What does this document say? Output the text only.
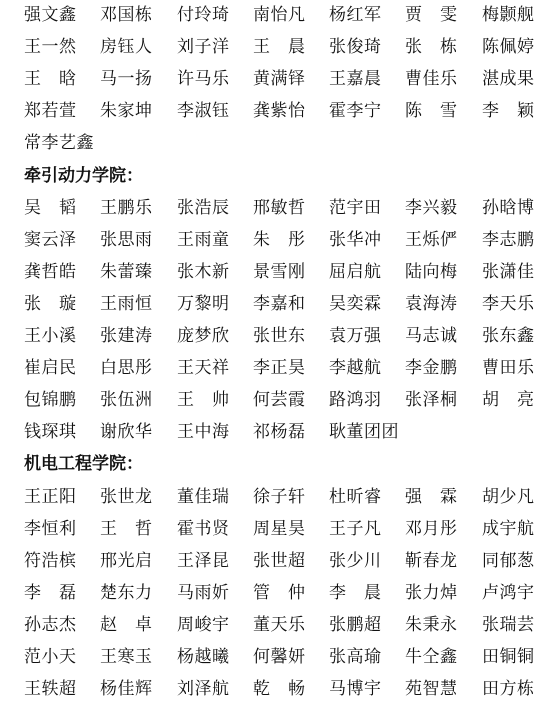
强文鑫 邓国栋 付玲琦 南怡凡 杨红军 贾　雯 梅颢舰
王一然 房钰人 刘子洋 王　晨 张俊琦 张　栋 陈佩婷
王　晗 马一扬 许马乐 黄满铎 王嘉晨 曹佳乐 湛成果
郑若萱 朱家坤 李淑钰 龚紫怡 霍李宁 陈　雪 李　颖
常李艺鑫
牵引动力学院：
吴　韬 王鹏乐 张浩辰 邢敏哲 范宇田 李兴毅 孙晗博
窦云泽 张思雨 王雨童 朱　彤 张华冲 王烁俨 李志鹏
龚哲皓 朱蕾臻 张木新 景雪刚 屈启航 陆向梅 张潇佳
张　璇 王雨恒 万黎明 李嘉和 吴奕霖 袁海涛 李天乐
王小溪 张建涛 庞梦欣 张世东 袁万强 马志诚 张东鑫
崔启民 白思彤 王天祥 李正昊 李越航 李金鹏 曹田乐
包锦鹏 张伍洲 王　帅 何芸霞 路鸿羽 张泽桐 胡　亮
钱琛琪 谢欣华 王中海 祁杨磊 耿董团团
机电工程学院：
王正阳 张世龙 董佳瑞 徐子轩 杜昕睿 强　霖 胡少凡
李恒利 王　哲 霍书贤 周星昊 王子凡 邓月彤 成宇航
符浩槟 邢光启 王泽昆 张世超 张少川 靳春龙 同郁葱
李　磊 楚东力 马雨妡 管　仲 李　晨 张力焯 卢鸿宇
孙志杰 赵　卓 周峻宇 董天乐 张鹏超 朱秉永 张瑞芸
范小天 王寒玉 杨越曦 何馨妍 张高瑜 牛仝鑫 田铜铜
王轶超 杨佳辉 刘泽航 乾　畅 马博宇 苑智慧 田方栋
